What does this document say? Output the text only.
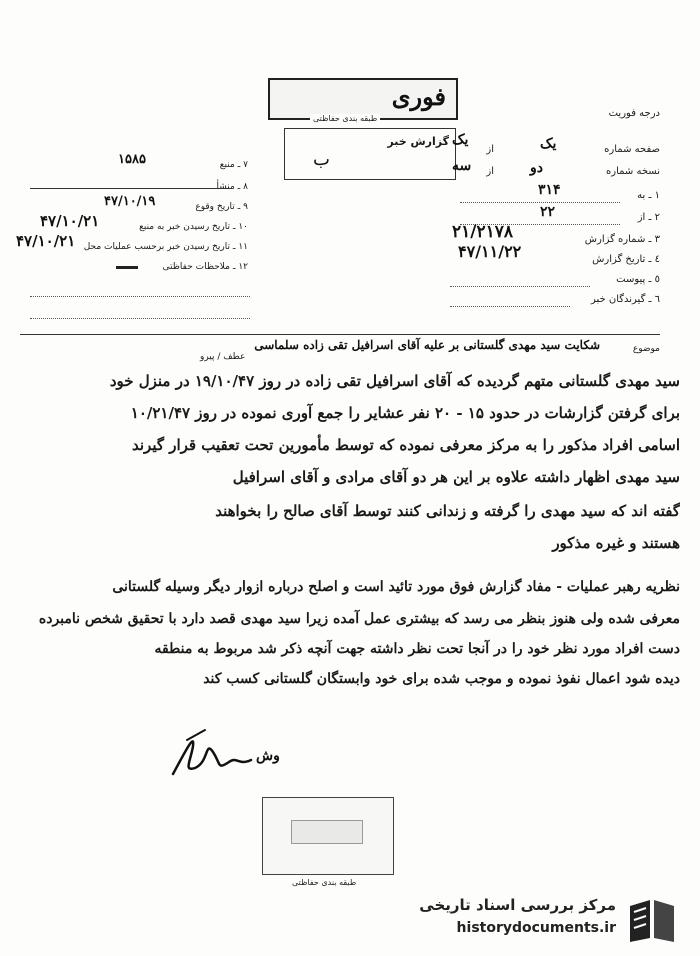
فوری
طبقه بندی حفاظتی	درجه فوریت
گزارش خبر
ب	صفحه شماره
یک
از
یک
نسخه شماره
دو
از
سه
١ ـ به
۳۱۴
۲ ـ از
۲۲
۳ ـ شماره گزارش
۲۱/۲۱۷۸
٤ ـ تاریخ گزارش
۴۷/۱۱/۲۲
٥ ـ پیوست
٦ ـ گیرندگان خبر
۷ ـ منبع
۱۵۸۵
۸ ـ منشأ
۹ ـ تاریخ وقوع
۴۷/۱۰/۱۹
۱۰ ـ تاریخ رسیدن خبر به منبع
۴۷/۱۰/۲۱
۱۱ ـ تاریخ رسیدن خبر برحسب عملیات محل
۴۷/۱۰/۲۱
۱۲ ـ ملاحظات حفاظتی
موضوع
شکایت سید مهدی گلستانی بر علیه آقای اسرافیل تقی زاده سلماسی
عطف / پیرو
سید مهدی گلستانی متهم گردیده که آقای اسرافیل تقی زاده در روز ۱۹/۱۰/۴۷ در منزل خود
برای گرفتن گزارشات در حدود ۱۵ - ۲۰ نفر عشایر را جمع آوری نموده در روز ۱۰/۲۱/۴۷
اسامی افراد مذکور را به مرکز معرفی نموده که توسط مأمورین تحت تعقیب قرار گیرند
سید مهدی اظهار داشته علاوه بر این هر دو آقای مرادی و آقای اسرافیل
گفته اند که سید مهدی را گرفته و زندانی کنند توسط آقای صالح را بخواهند
هستند و غیره مذکور
نظریه رهبر عملیات - مفاد گزارش فوق مورد تائید است و اصلح درباره ازوار دیگر وسیله گلستانی
معرفی شده ولی هنوز بنظر می رسد که بیشتری عمل آمده زیرا سید مهدی قصد دارد با تحقیق شخص نامبرده
دست افراد مورد نظر خود را در آنجا تحت نظر داشته جهت آنچه ذکر شد مربوط به منطقه
دیده شود اعمال نفوذ نموده و موجب شده برای خود وابستگان گلستانی کسب کند
وش
طبقه بندی حفاظتی
مرکز بررسی اسناد تاریخی
historydocuments.ir
